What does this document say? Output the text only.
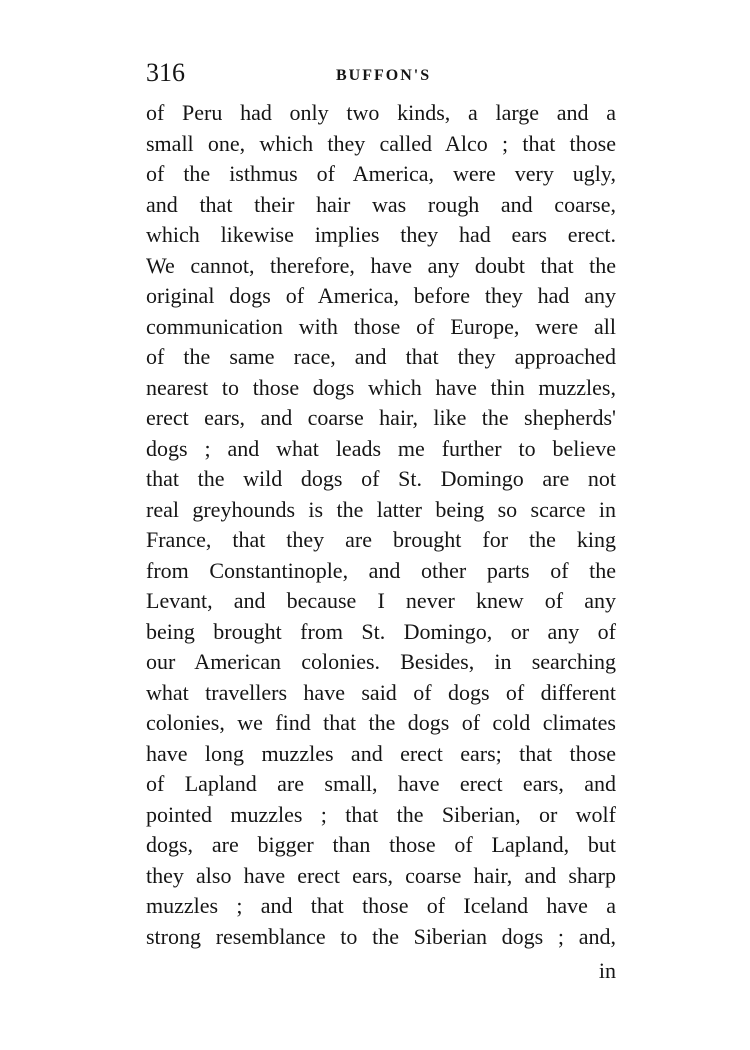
316	BUFFON'S
of Peru had only two kinds, a large and a
small one, which they called Alco ; that those
of the isthmus of America, were very ugly,
and that their hair was rough and coarse,
which likewise implies they had ears erect.
We cannot, therefore, have any doubt that the
original dogs of America, before they had any
communication with those of Europe, were all
of the same race, and that they approached
nearest to those dogs which have thin muzzles,
erect ears, and coarse hair, like the shepherds'
dogs ; and what leads me further to believe
that the wild dogs of St. Domingo are not
real greyhounds is the latter being so scarce in
France, that they are brought for the king
from Constantinople, and other parts of the
Levant, and because I never knew of any
being brought from St. Domingo, or any of
our American colonies. Besides, in searching
what travellers have said of dogs of different
colonies, we find that the dogs of cold climates
have long muzzles and erect ears; that those
of Lapland are small, have erect ears, and
pointed muzzles ; that the Siberian, or wolf
dogs, are bigger than those of Lapland, but
they also have erect ears, coarse hair, and sharp
muzzles ; and that those of Iceland have a
strong resemblance to the Siberian dogs ; and,
in
